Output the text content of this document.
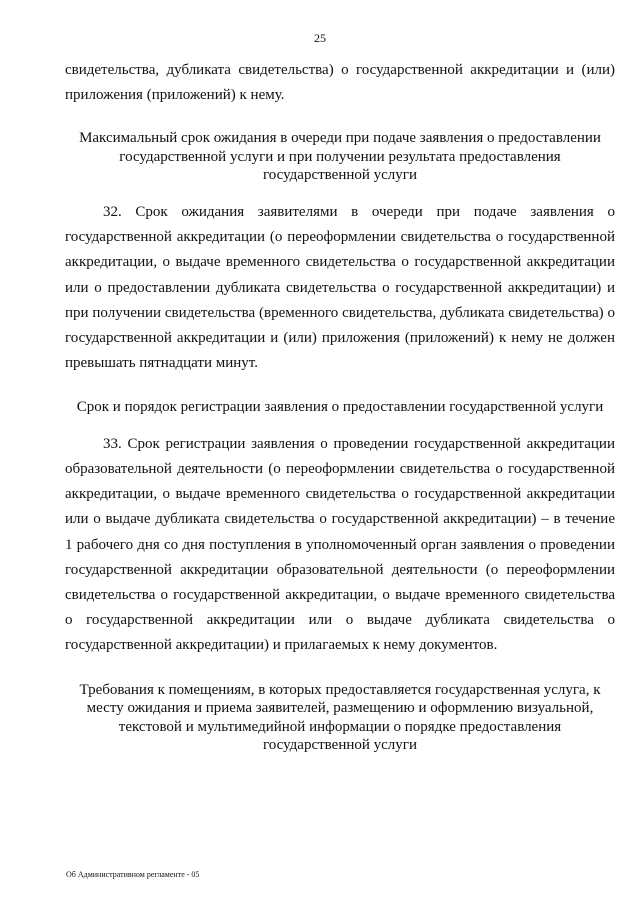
25

свидетельства, дубликата свидетельства) о государственной аккредитации и (или) приложения (приложений) к нему.

Максимальный срок ожидания в очереди при подаче заявления о предоставлении государственной услуги и при получении результата предоставления государственной услуги

32. Срок ожидания заявителями в очереди при подаче заявления о государственной аккредитации (о переоформлении свидетельства о государственной аккредитации, о выдаче временного свидетельства о государственной аккредитации или о предоставлении дубликата свидетельства о государственной аккредитации) и при получении свидетельства (временного свидетельства, дубликата свидетельства) о государственной аккредитации и (или) приложения (приложений) к нему не должен превышать пятнадцати минут.

Срок и порядок регистрации заявления о предоставлении государственной услуги

33. Срок регистрации заявления о проведении государственной аккредитации образовательной деятельности (о переоформлении свидетельства о государственной аккредитации, о выдаче временного свидетельства о государственной аккредитации или о выдаче дубликата свидетельства о государственной аккредитации) – в течение 1 рабочего дня со дня поступления в уполномоченный орган заявления о проведении государственной аккредитации образовательной деятельности (о переоформлении свидетельства о государственной аккредитации, о выдаче временного свидетельства о государственной аккредитации или о выдаче дубликата свидетельства о государственной аккредитации) и прилагаемых к нему документов.

Требования к помещениям, в которых предоставляется государственная услуга, к месту ожидания и приема заявителей, размещению и оформлению визуальной, текстовой и мультимедийной информации о порядке предоставления государственной услуги

Об Административном регламенте - 05
